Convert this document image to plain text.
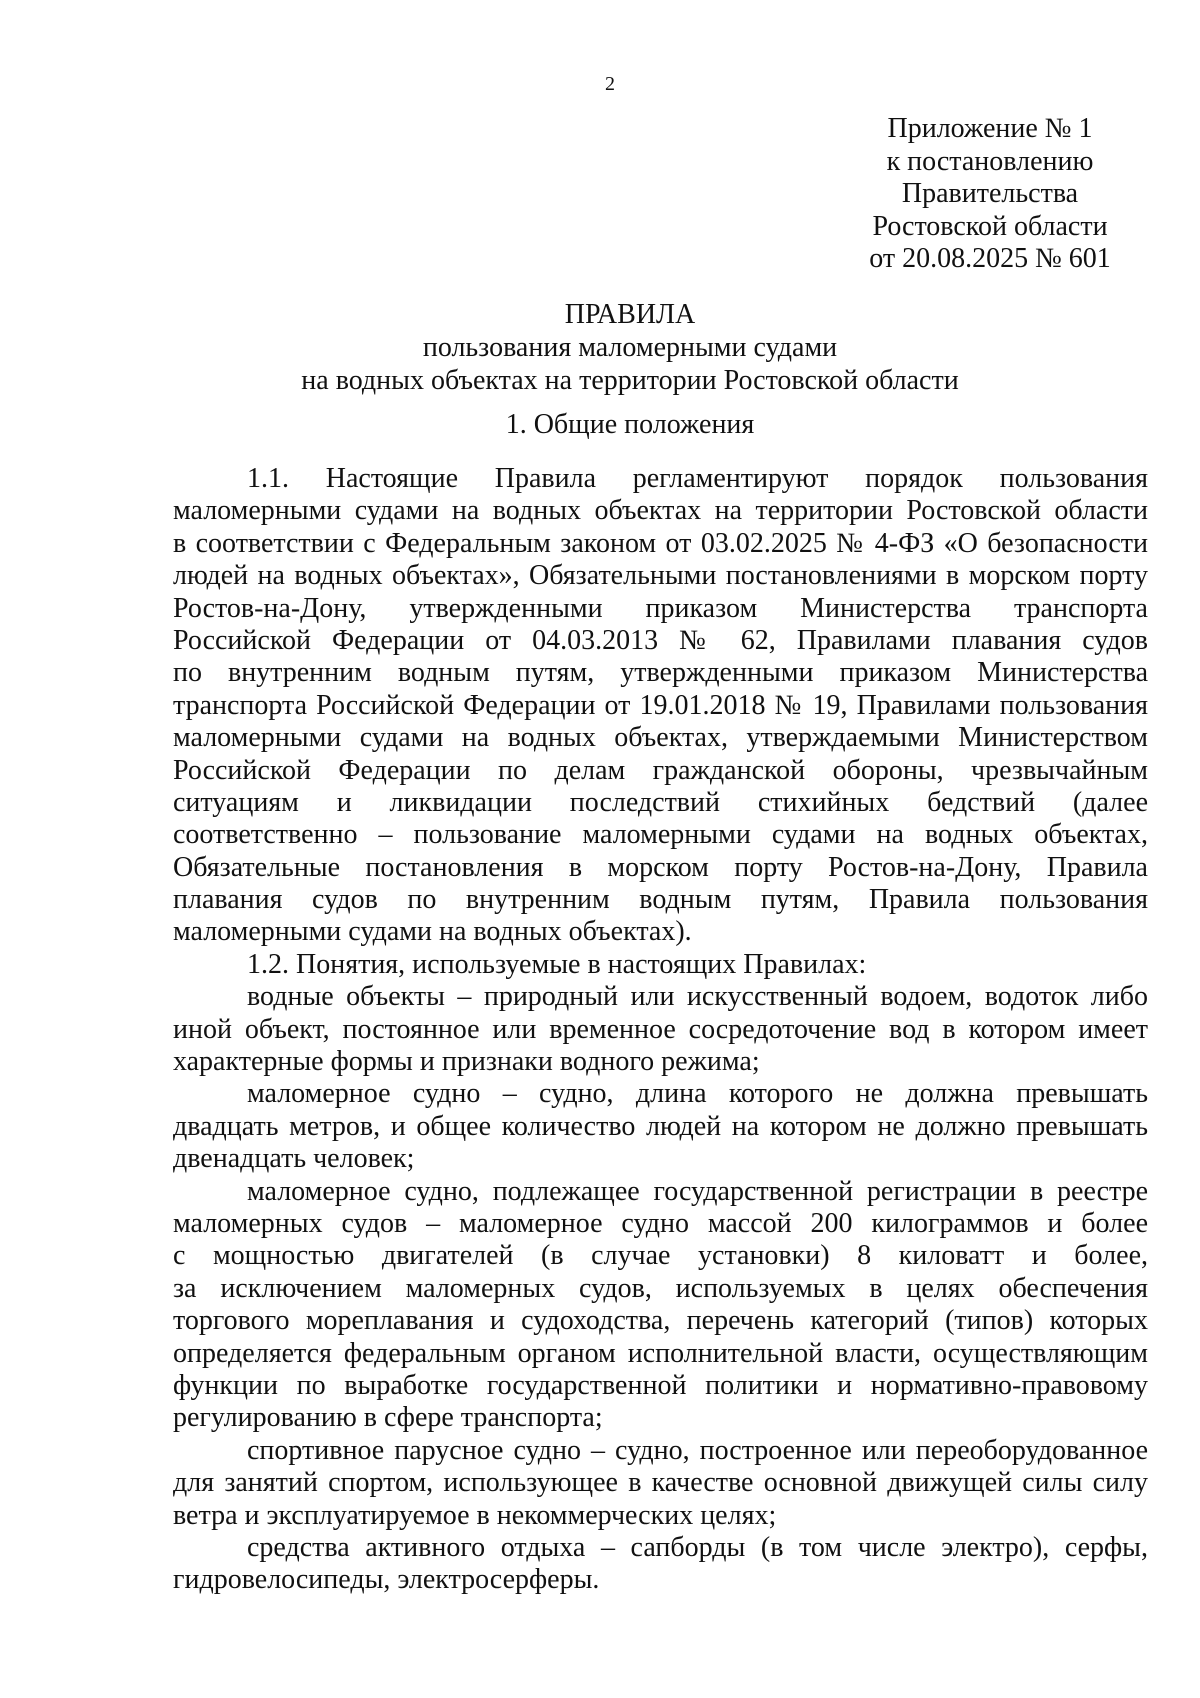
2
Приложение № 1
к постановлению
Правительства
Ростовской области
от 20.08.2025 № 601
ПРАВИЛА
пользования маломерными судами
на водных объектах на территории Ростовской области
1. Общие положения
1.1. Настоящие Правила регламентируют порядок пользования
маломерными судами на водных объектах на территории Ростовской области
в соответствии с Федеральным законом от 03.02.2025 № 4-ФЗ «О безопасности
людей на водных объектах», Обязательными постановлениями в морском порту
Ростов-на-Дону, утвержденными приказом Министерства транспорта
Российской Федерации от 04.03.2013 № 62, Правилами плавания судов
по внутренним водным путям, утвержденными приказом Министерства
транспорта Российской Федерации от 19.01.2018 № 19, Правилами пользования
маломерными судами на водных объектах, утверждаемыми Министерством
Российской Федерации по делам гражданской обороны, чрезвычайным
ситуациям и ликвидации последствий стихийных бедствий (далее
соответственно – пользование маломерными судами на водных объектах,
Обязательные постановления в морском порту Ростов-на-Дону, Правила
плавания судов по внутренним водным путям, Правила пользования
маломерными судами на водных объектах).
1.2. Понятия, используемые в настоящих Правилах:
водные объекты – природный или искусственный водоем, водоток либо
иной объект, постоянное или временное сосредоточение вод в котором имеет
характерные формы и признаки водного режима;
маломерное судно – судно, длина которого не должна превышать
двадцать метров, и общее количество людей на котором не должно превышать
двенадцать человек;
маломерное судно, подлежащее государственной регистрации в реестре
маломерных судов – маломерное судно массой 200 килограммов и более
с мощностью двигателей (в случае установки) 8 киловатт и более,
за исключением маломерных судов, используемых в целях обеспечения
торгового мореплавания и судоходства, перечень категорий (типов) которых
определяется федеральным органом исполнительной власти, осуществляющим
функции по выработке государственной политики и нормативно-правовому
регулированию в сфере транспорта;
спортивное парусное судно – судно, построенное или переоборудованное
для занятий спортом, использующее в качестве основной движущей силы силу
ветра и эксплуатируемое в некоммерческих целях;
средства активного отдыха – сапборды (в том числе электро), серфы,
гидровелосипеды, электросерферы.
